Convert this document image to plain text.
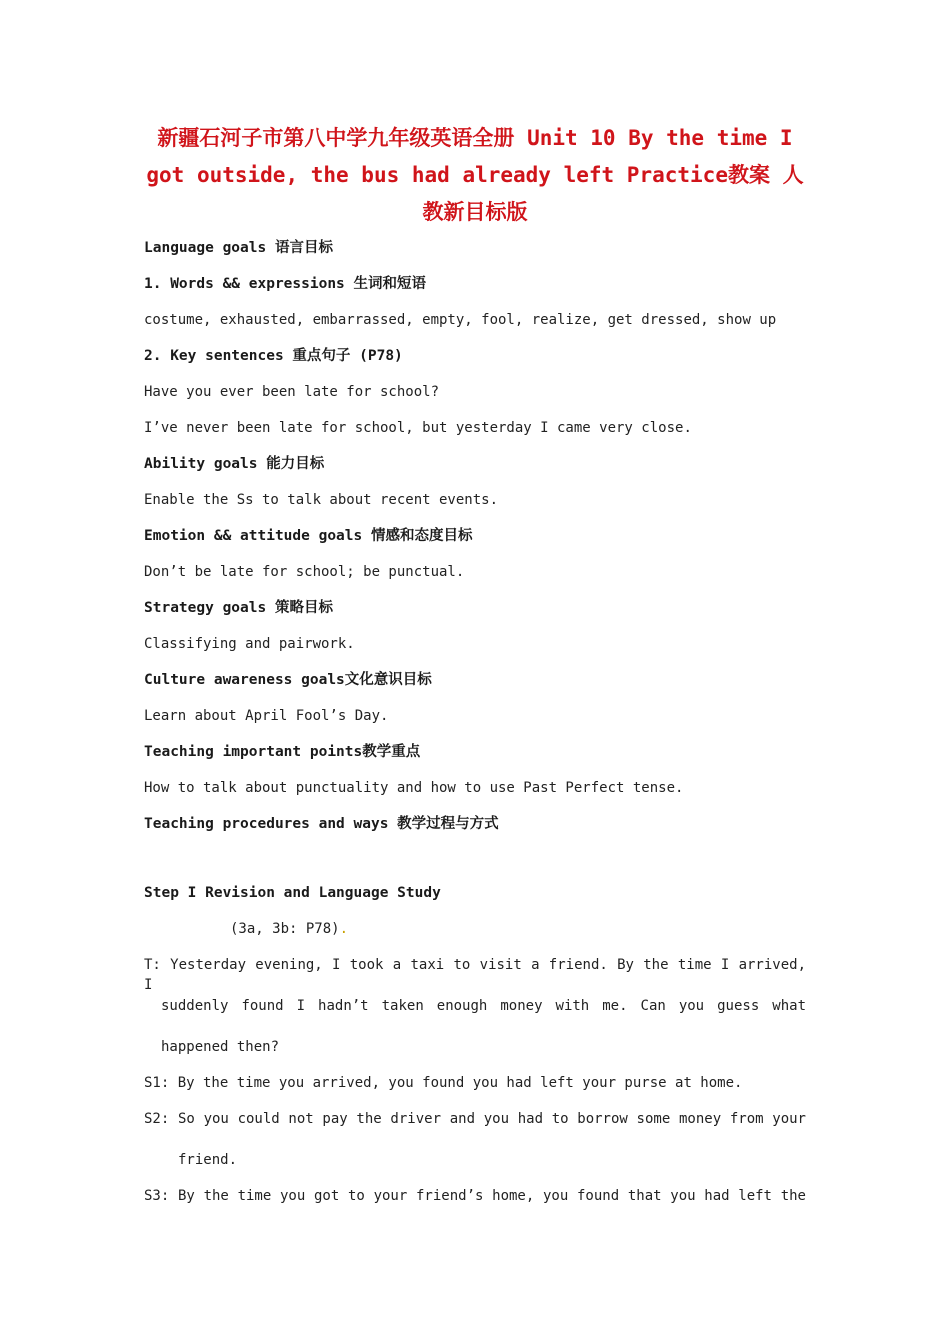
新疆石河子市第八中学九年级英语全册 Unit 10 By the time I got outside, the bus had already left Practice教案 人教新目标版
Language goals 语言目标
1. Words && expressions 生词和短语
costume, exhausted, embarrassed, empty, fool, realize, get dressed, show up
2. Key sentences 重点句子 (P78)
Have you ever been late for school?
I’ve never been late for school, but yesterday I came very close.
Ability goals 能力目标
Enable the Ss to talk about recent events.
Emotion && attitude goals 情感和态度目标
Don’t be late for school; be punctual.
Strategy goals 策略目标
Classifying and pairwork.
Culture awareness goals文化意识目标
Learn about April Fool’s Day.
Teaching important points教学重点
How to talk about punctuality and how to use Past Perfect tense.
Teaching procedures and ways 教学过程与方式
Step I Revision and Language Study
(3a, 3b: P78).
T: Yesterday evening, I took a taxi to visit a friend. By the time I arrived, I
suddenly found I hadn’t taken enough money with me. Can you guess what
happened then?
S1: By the time you arrived, you found you had left your purse at home.
S2: So you could not pay the driver and you had to borrow some money from your
friend.
S3: By the time you got to your friend’s home, you found that you had left the
